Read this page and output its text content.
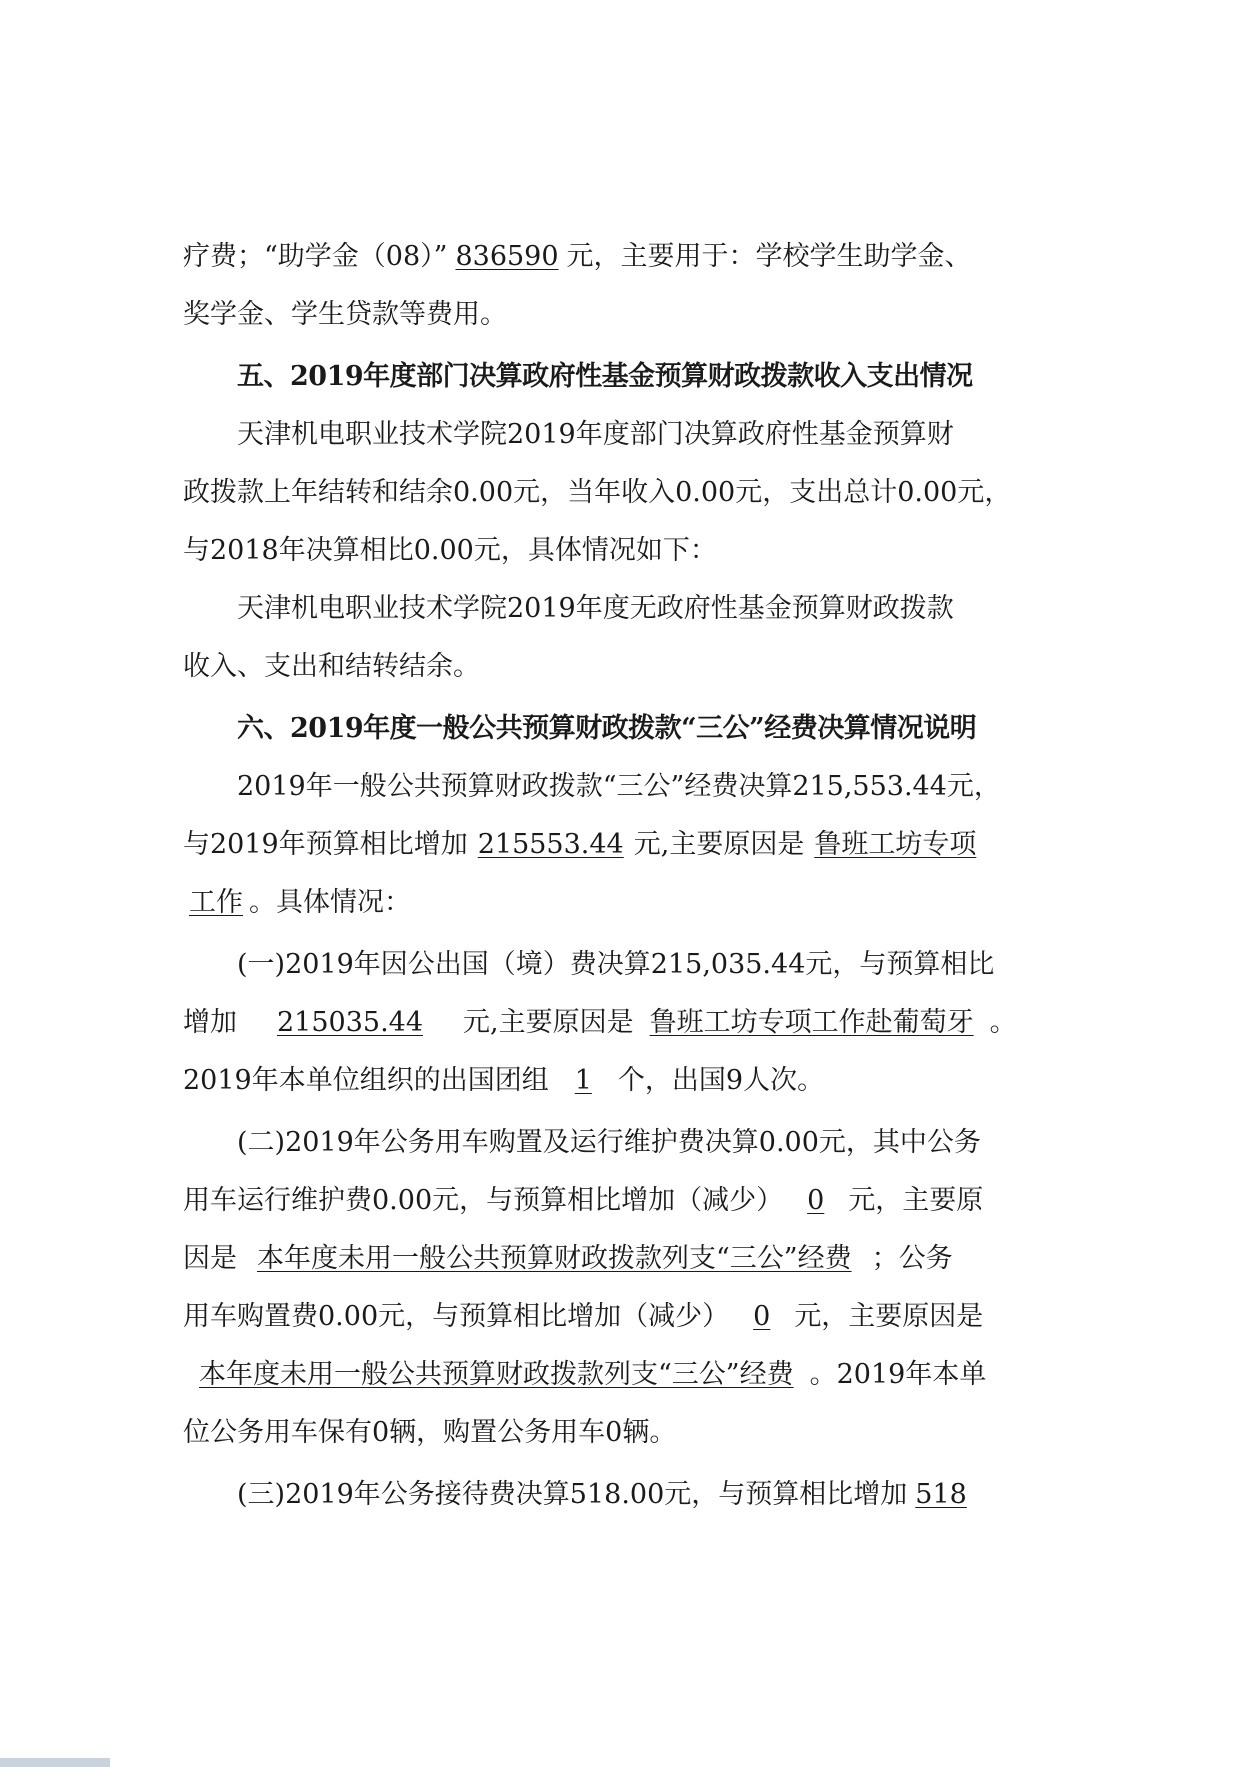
疗费；“助学金（08）” 836590 元，主要用于：学校学生助学金、
奖学金、学生贷款等费用。
五、2019年度部门决算政府性基金预算财政拨款收入支出情况
天津机电职业技术学院2019年度部门决算政府性基金预算财
政拨款上年结转和结余0.00元，当年收入0.00元，支出总计0.00元，
与2018年决算相比0.00元，具体情况如下：
天津机电职业技术学院2019年度无政府性基金预算财政拨款
收入、支出和结转结余。
六、2019年度一般公共预算财政拨款“三公”经费决算情况说明
2019年一般公共预算财政拨款“三公”经费决算215,553.44元，
与2019年预算相比增加 215553.44 元,主要原因是 鲁班工坊专项
工作 。具体情况：
(一)2019年因公出国（境）费决算215,035.44元，与预算相比
增加 215035.44 元,主要原因是 鲁班工坊专项工作赴葡萄牙 。
2019年本单位组织的出国团组 1 个，出国9人次。
(二)2019年公务用车购置及运行维护费决算0.00元，其中公务
用车运行维护费0.00元，与预算相比增加（减少） 0 元，主要原
因是 本年度未用一般公共预算财政拨款列支“三公”经费 ；公务
用车购置费0.00元，与预算相比增加（减少） 0 元，主要原因是
本年度未用一般公共预算财政拨款列支“三公”经费 。2019年本单
位公务用车保有0辆，购置公务用车0辆。
(三)2019年公务接待费决算518.00元，与预算相比增加 518
